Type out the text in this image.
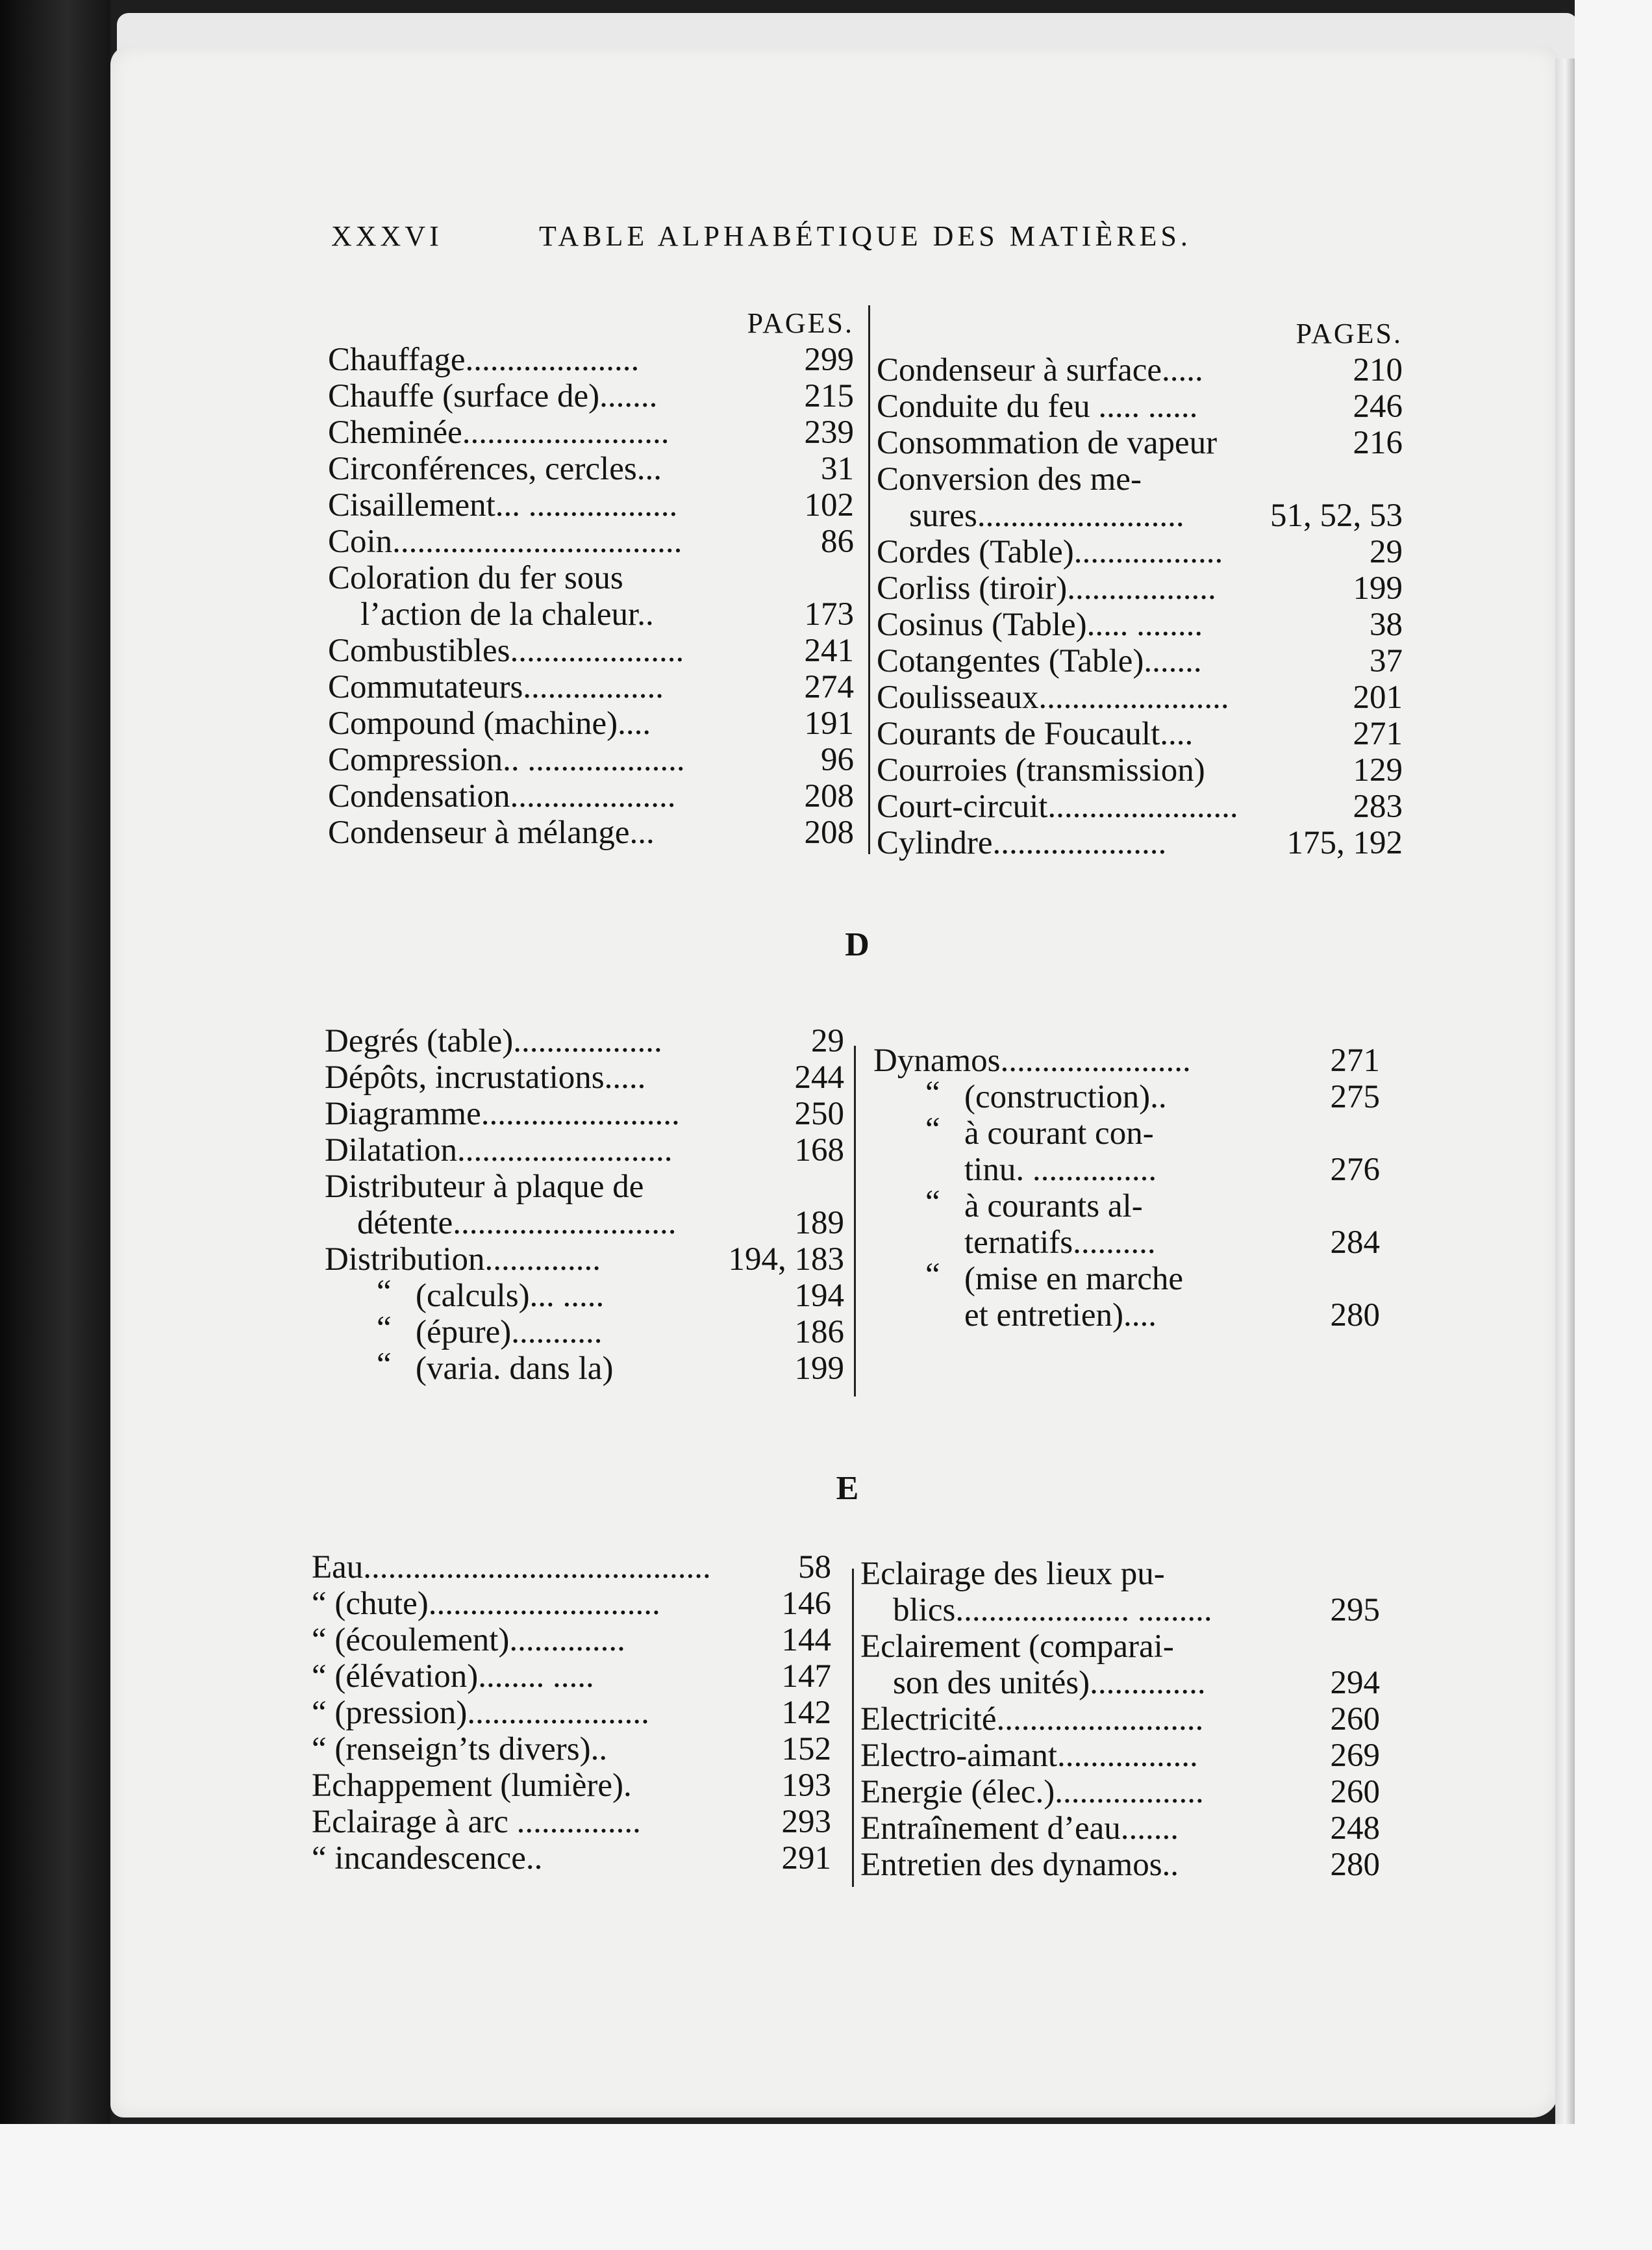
XXXVI	TABLE ALPHABÉTIQUE DES MATIÈRES.
PAGES.
Chauffage.....................	299
Chauffe (surface de).......	215
Cheminée.........................	239
Circonférences, cercles...	31
Cisaillement... ..................	102
Coin...................................	86
Coloration du fer sous
l’action de la chaleur..	173
Combustibles.....................	241
Commutateurs.................	274
Compound (machine)....	191
Compression.. ...................	96
Condensation....................	208
Condenseur à mélange...	208
PAGES.
Condenseur à surface.....	210
Conduite du feu ..... ......	246
Consommation de vapeur	216
Conversion des me-
sures.........................	51, 52, 53
Cordes (Table)..................	29
Corliss (tiroir)..................	199
Cosinus (Table)..... ........	38
Cotangentes (Table).......	37
Coulisseaux.......................	201
Courants de Foucault....	271
Courroies (transmission)	129
Court-circuit.......................	283
Cylindre.....................	175, 192
D
Degrés (table)..................	29
Dépôts, incrustations.....	244
Diagramme........................	250
Dilatation..........................	168
Distributeur à plaque de
détente...........................	189
Distribution..............	194, 183
“ (calculs)... .....	194
“ (épure)...........	186
“ (varia. dans la)	199
Dynamos.......................	271
“ (construction)..	275
“ à courant con-
tinu. ...............	276
“ à courants al-
ternatifs..........	284
“ (mise en marche
et entretien)....	280
E
Eau..........................................	58
“ (chute)............................	146
“ (écoulement)..............	144
“ (élévation)........ .....	147
“ (pression)......................	142
“ (renseign’ts divers)..	152
Echappement (lumière).	193
Eclairage à arc ...............	293
“ incandescence..	291
Eclairage des lieux pu-
blics..................... .........	295
Eclairement (comparai-
son des unités)..............	294
Electricité.........................	260
Electro-aimant.................	269
Energie (élec.)..................	260
Entraînement d’eau.......	248
Entretien des dynamos..	280
